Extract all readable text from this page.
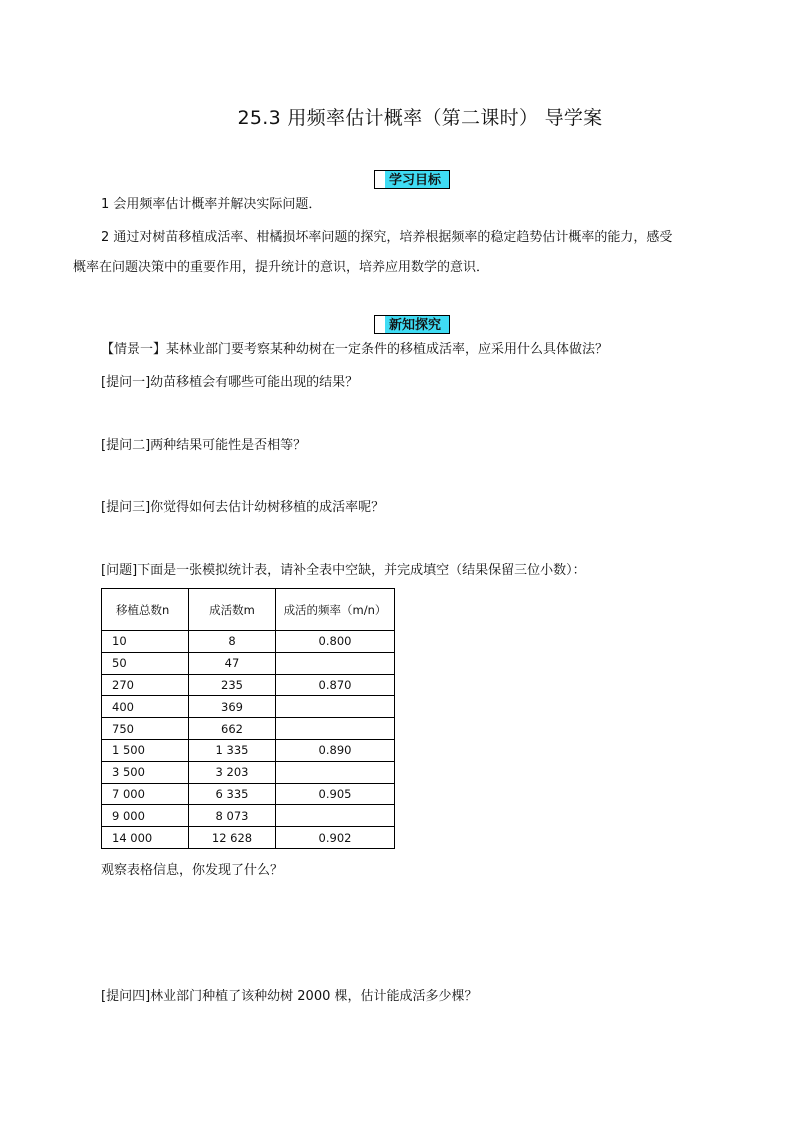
25.3 用频率估计概率（第二课时） 导学案
学习目标
1 会用频率估计概率并解决实际问题．
2 通过对树苗移植成活率、柑橘损坏率问题的探究，培养根据频率的稳定趋势估计概率的能力，感受
概率在问题决策中的重要作用，提升统计的意识，培养应用数学的意识．
新知探究
【情景一】某林业部门要考察某种幼树在一定条件的移植成活率，应采用什么具体做法？
[提问一]幼苗移植会有哪些可能出现的结果？
[提问二]两种结果可能性是否相等？
[提问三]你觉得如何去估计幼树移植的成活率呢？
[问题]下面是一张模拟统计表，请补全表中空缺，并完成填空（结果保留三位小数）：
移植总数n	成活数m	成活的频率（m/n）
10	8	0.800
50	47	
270	235	0.870
400	369	
750	662	
1 500	1 335	0.890
3 500	3 203	
7 000	6 335	0.905
9 000	8 073	
14 000	12 628	0.902
观察表格信息，你发现了什么？
[提问四]林业部门种植了该种幼树 2000 棵，估计能成活多少棵？
